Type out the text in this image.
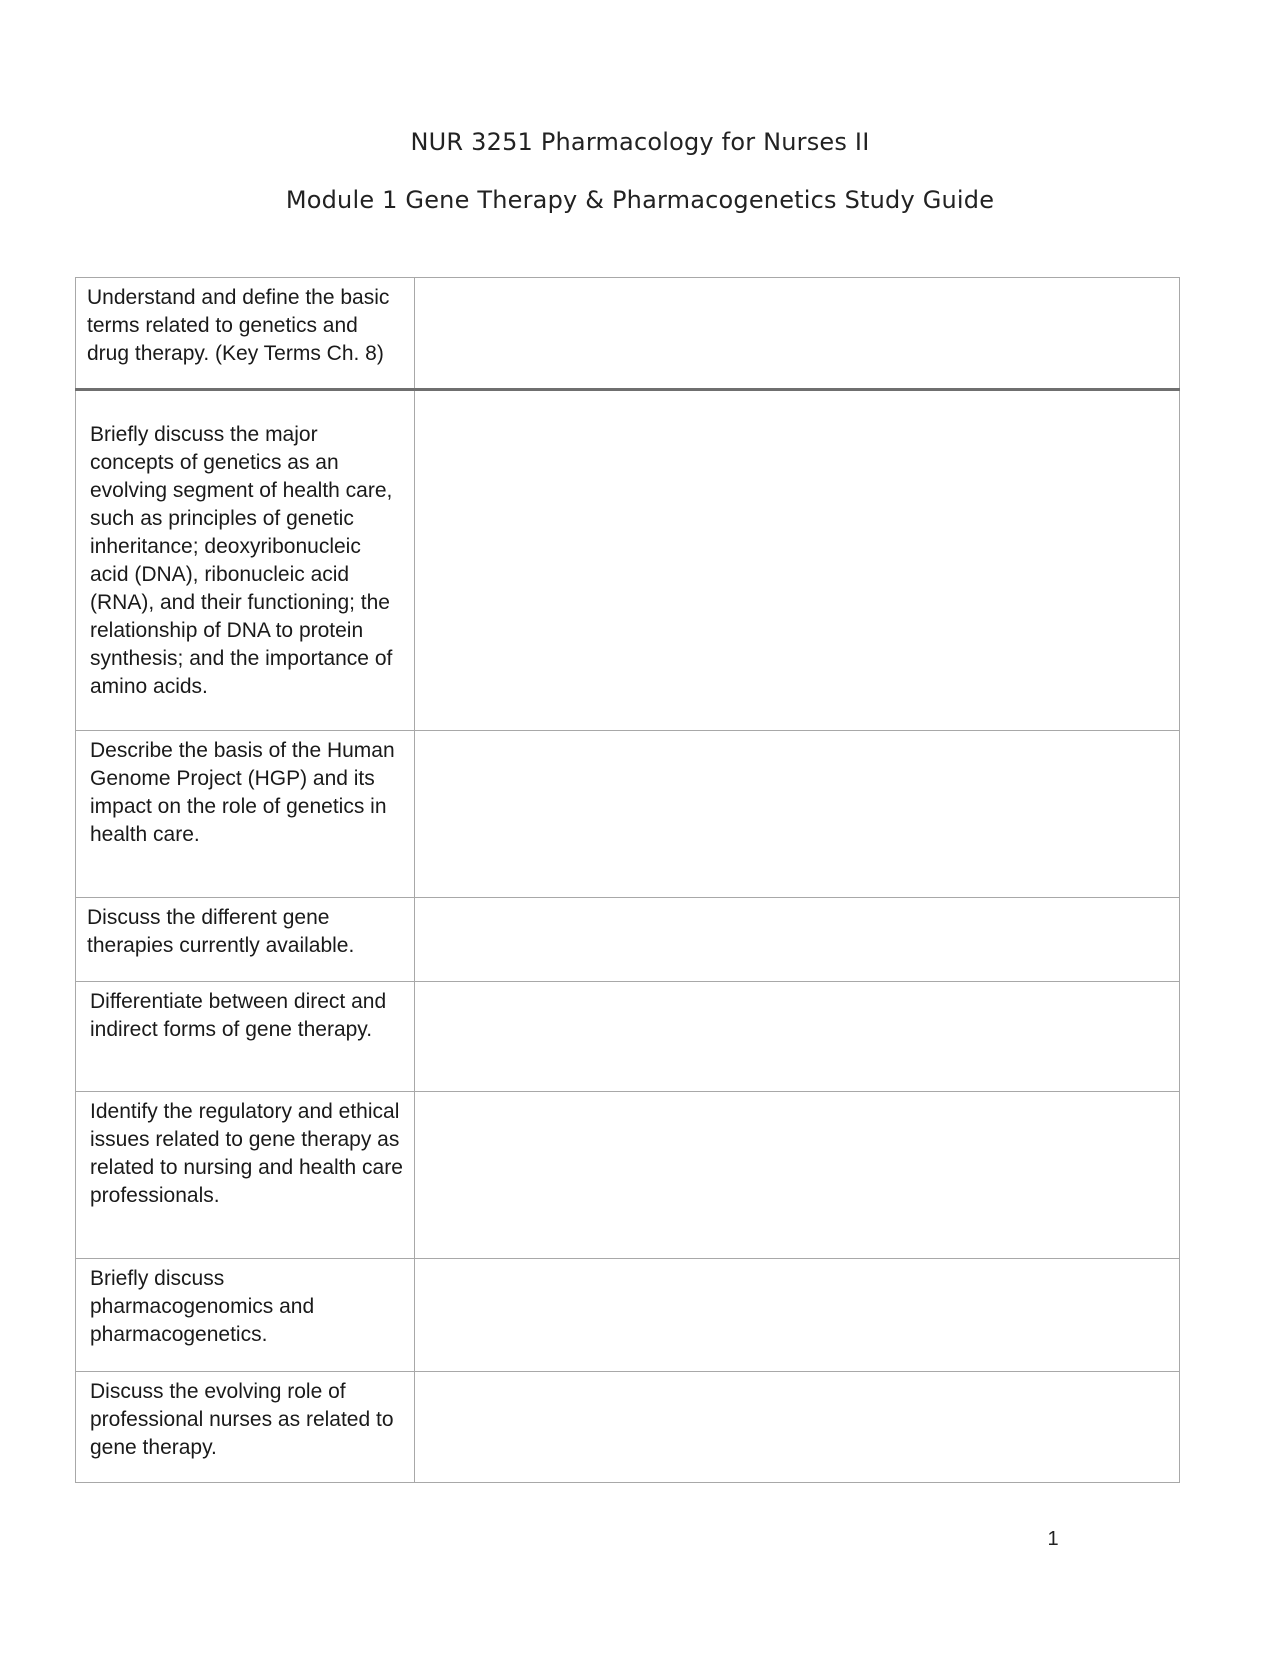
NUR 3251 Pharmacology for Nurses II
Module 1 Gene Therapy & Pharmacogenetics Study Guide
Understand and define the basic terms related to genetics and drug therapy. (Key Terms Ch. 8)	

Briefly discuss the major concepts of genetics as an evolving segment of health care, such as principles of genetic inheritance; deoxyribonucleic acid (DNA), ribonucleic acid (RNA), and their functioning; the relationship of DNA to protein synthesis; and the importance of amino acids.	

Describe the basis of the Human Genome Project (HGP) and its impact on the role of genetics in health care.	

Discuss the different gene therapies currently available.	

Differentiate between direct and indirect forms of gene therapy.	

Identify the regulatory and ethical issues related to gene therapy as related to nursing and health care professionals.	

Briefly discuss pharmacogenomics and pharmacogenetics.	

Discuss the evolving role of professional nurses as related to gene therapy.	

1
